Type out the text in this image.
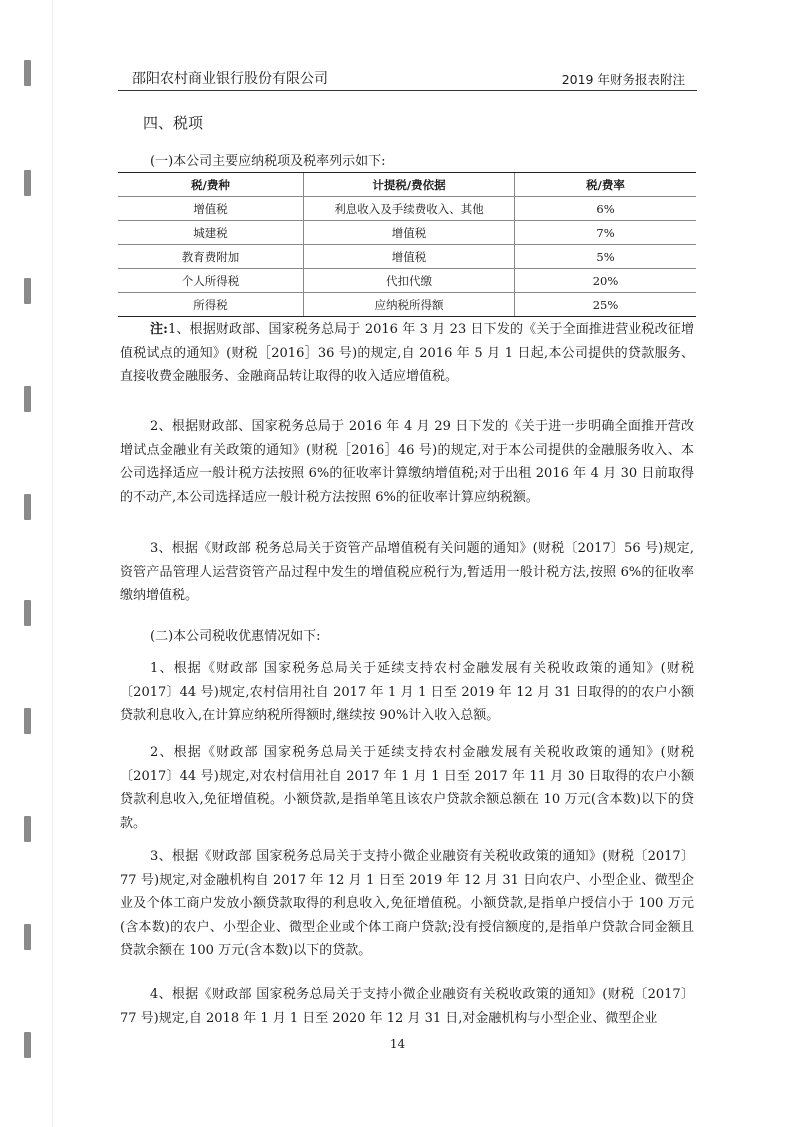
邵阳农村商业银行股份有限公司	2019 年财务报表附注
四、税项
(一)本公司主要应纳税项及税率列示如下:
税/费种	计提税/费依据	税/费率
增值税	利息收入及手续费收入、其他	6%
城建税	增值税	7%
教育费附加	增值税	5%
个人所得税	代扣代缴	20%
所得税	应纳税所得额	25%

注:1、根据财政部、国家税务总局于 2016 年 3 月 23 日下发的《关于全面推进营业税改征增值税试点的通知》(财税［2016］36 号)的规定,自 2016 年 5 月 1 日起,本公司提供的贷款服务、直接收费金融服务、金融商品转让取得的收入适应增值税。

2、根据财政部、国家税务总局于 2016 年 4 月 29 日下发的《关于进一步明确全面推开营改增试点金融业有关政策的通知》(财税［2016］46 号)的规定,对于本公司提供的金融服务收入、本公司选择适应一般计税方法按照 6%的征收率计算缴纳增值税;对于出租 2016 年 4 月 30 日前取得的不动产,本公司选择适应一般计税方法按照 6%的征收率计算应纳税额。

3、根据《财政部 税务总局关于资管产品增值税有关问题的通知》(财税〔2017〕56 号)规定,资管产品管理人运营资管产品过程中发生的增值税应税行为,暂适用一般计税方法,按照 6%的征收率缴纳增值税。

(二)本公司税收优惠情况如下:

1、根据《财政部 国家税务总局关于延续支持农村金融发展有关税收政策的通知》(财税〔2017〕44 号)规定,农村信用社自 2017 年 1 月 1 日至 2019 年 12 月 31 日取得的的农户小额贷款利息收入,在计算应纳税所得额时,继续按 90%计入收入总额。

2、根据《财政部 国家税务总局关于延续支持农村金融发展有关税收政策的通知》(财税〔2017〕44 号)规定,对农村信用社自 2017 年 1 月 1 日至 2017 年 11 月 30 日取得的农户小额贷款利息收入,免征增值税。小额贷款,是指单笔且该农户贷款余额总额在 10 万元(含本数)以下的贷款。

3、根据《财政部 国家税务总局关于支持小微企业融资有关税收政策的通知》(财税〔2017〕77 号)规定,对金融机构自 2017 年 12 月 1 日至 2019 年 12 月 31 日向农户、小型企业、微型企业及个体工商户发放小额贷款取得的利息收入,免征增值税。小额贷款,是指单户授信小于 100 万元(含本数)的农户、小型企业、微型企业或个体工商户贷款;没有授信额度的,是指单户贷款合同金额且贷款余额在 100 万元(含本数)以下的贷款。

4、根据《财政部 国家税务总局关于支持小微企业融资有关税收政策的通知》(财税〔2017〕77 号)规定,自 2018 年 1 月 1 日至 2020 年 12 月 31 日,对金融机构与小型企业、微型企业

14
